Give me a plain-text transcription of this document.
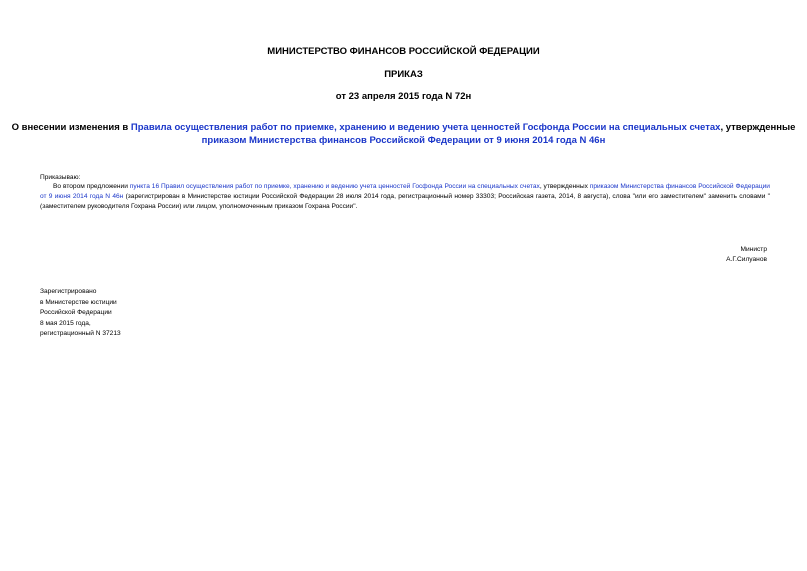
МИНИСТЕРСТВО ФИНАНСОВ РОССИЙСКОЙ ФЕДЕРАЦИИ
ПРИКАЗ
от 23 апреля 2015 года N 72н
О внесении изменения в Правила осуществления работ по приемке, хранению и ведению учета ценностей Госфонда России на специальных счетах, утвержденные
приказом Министерства финансов Российской Федерации от 9 июня 2014 года N 46н
Приказываю:
Во втором предложении пункта 16 Правил осуществления работ по приемке, хранению и ведению учета ценностей Госфонда России на специальных счетах, утвержденных приказом Министерства финансов Российской Федерации от 9 июня 2014 года N 46н (зарегистрирован в Министерстве юстиции Российской Федерации 28 июля 2014 года, регистрационный номер 33303; Российская газета, 2014, 8 августа), слова "или его заместителем" заменить словами "(заместителем руководителя Гохрана России) или лицом, уполномоченным приказом Гохрана России".
Министр
А.Г.Силуанов
Зарегистрировано
в Министерстве юстиции
Российской Федерации
8 мая 2015 года,
регистрационный N 37213
